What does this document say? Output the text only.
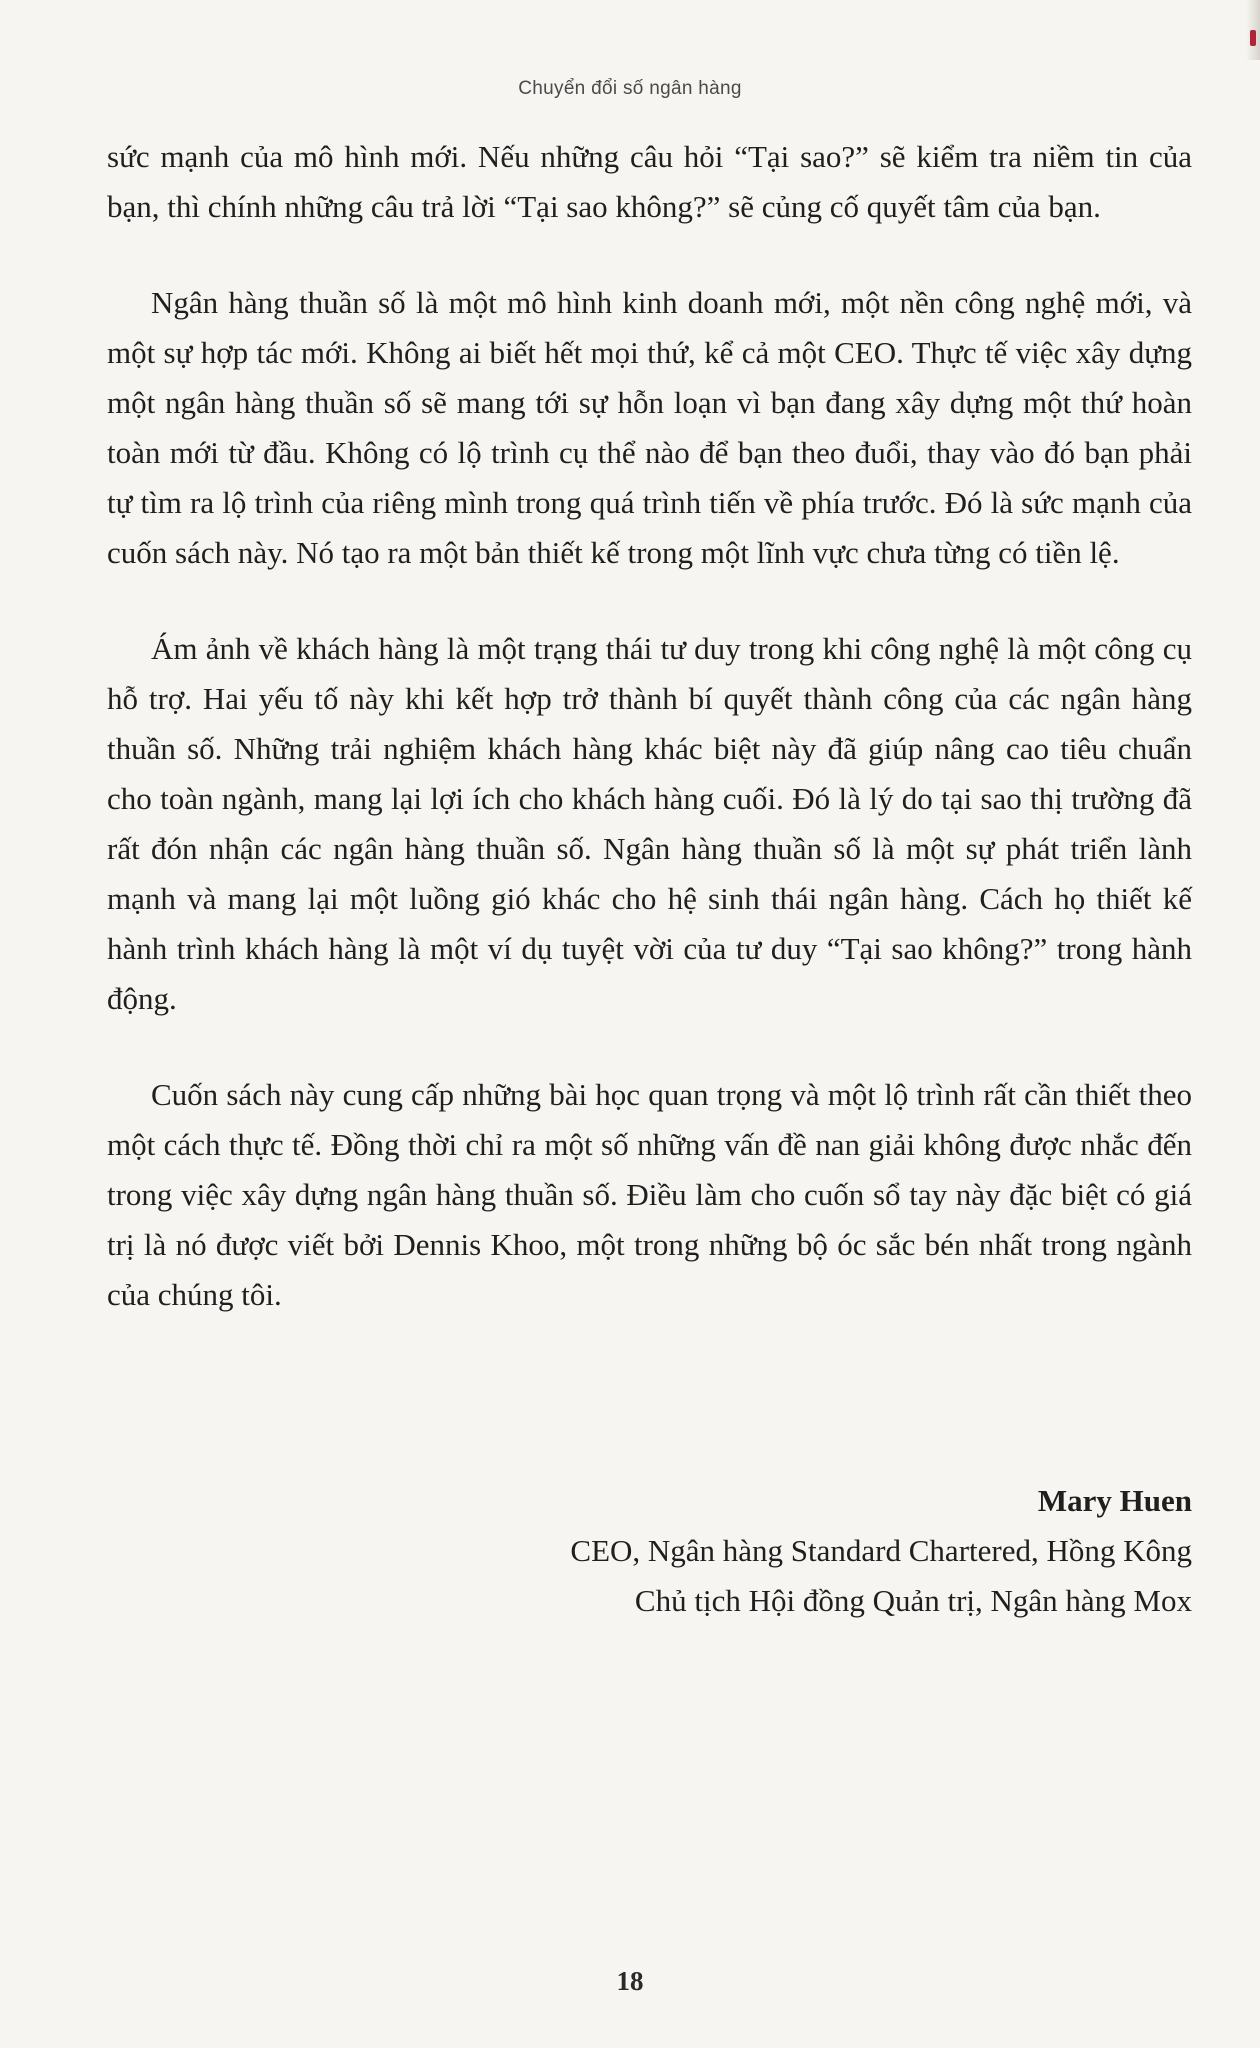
Chuyển đổi số ngân hàng

sức mạnh của mô hình mới. Nếu những câu hỏi “Tại sao?” sẽ kiểm tra niềm tin của bạn, thì chính những câu trả lời “Tại sao không?” sẽ củng cố quyết tâm của bạn.

Ngân hàng thuần số là một mô hình kinh doanh mới, một nền công nghệ mới, và một sự hợp tác mới. Không ai biết hết mọi thứ, kể cả một CEO. Thực tế việc xây dựng một ngân hàng thuần số sẽ mang tới sự hỗn loạn vì bạn đang xây dựng một thứ hoàn toàn mới từ đầu. Không có lộ trình cụ thể nào để bạn theo đuổi, thay vào đó bạn phải tự tìm ra lộ trình của riêng mình trong quá trình tiến về phía trước. Đó là sức mạnh của cuốn sách này. Nó tạo ra một bản thiết kế trong một lĩnh vực chưa từng có tiền lệ.

Ám ảnh về khách hàng là một trạng thái tư duy trong khi công nghệ là một công cụ hỗ trợ. Hai yếu tố này khi kết hợp trở thành bí quyết thành công của các ngân hàng thuần số. Những trải nghiệm khách hàng khác biệt này đã giúp nâng cao tiêu chuẩn cho toàn ngành, mang lại lợi ích cho khách hàng cuối. Đó là lý do tại sao thị trường đã rất đón nhận các ngân hàng thuần số. Ngân hàng thuần số là một sự phát triển lành mạnh và mang lại một luồng gió khác cho hệ sinh thái ngân hàng. Cách họ thiết kế hành trình khách hàng là một ví dụ tuyệt vời của tư duy “Tại sao không?” trong hành động.

Cuốn sách này cung cấp những bài học quan trọng và một lộ trình rất cần thiết theo một cách thực tế. Đồng thời chỉ ra một số những vấn đề nan giải không được nhắc đến trong việc xây dựng ngân hàng thuần số. Điều làm cho cuốn sổ tay này đặc biệt có giá trị là nó được viết bởi Dennis Khoo, một trong những bộ óc sắc bén nhất trong ngành của chúng tôi.

Mary Huen
CEO, Ngân hàng Standard Chartered, Hồng Kông
Chủ tịch Hội đồng Quản trị, Ngân hàng Mox
18
